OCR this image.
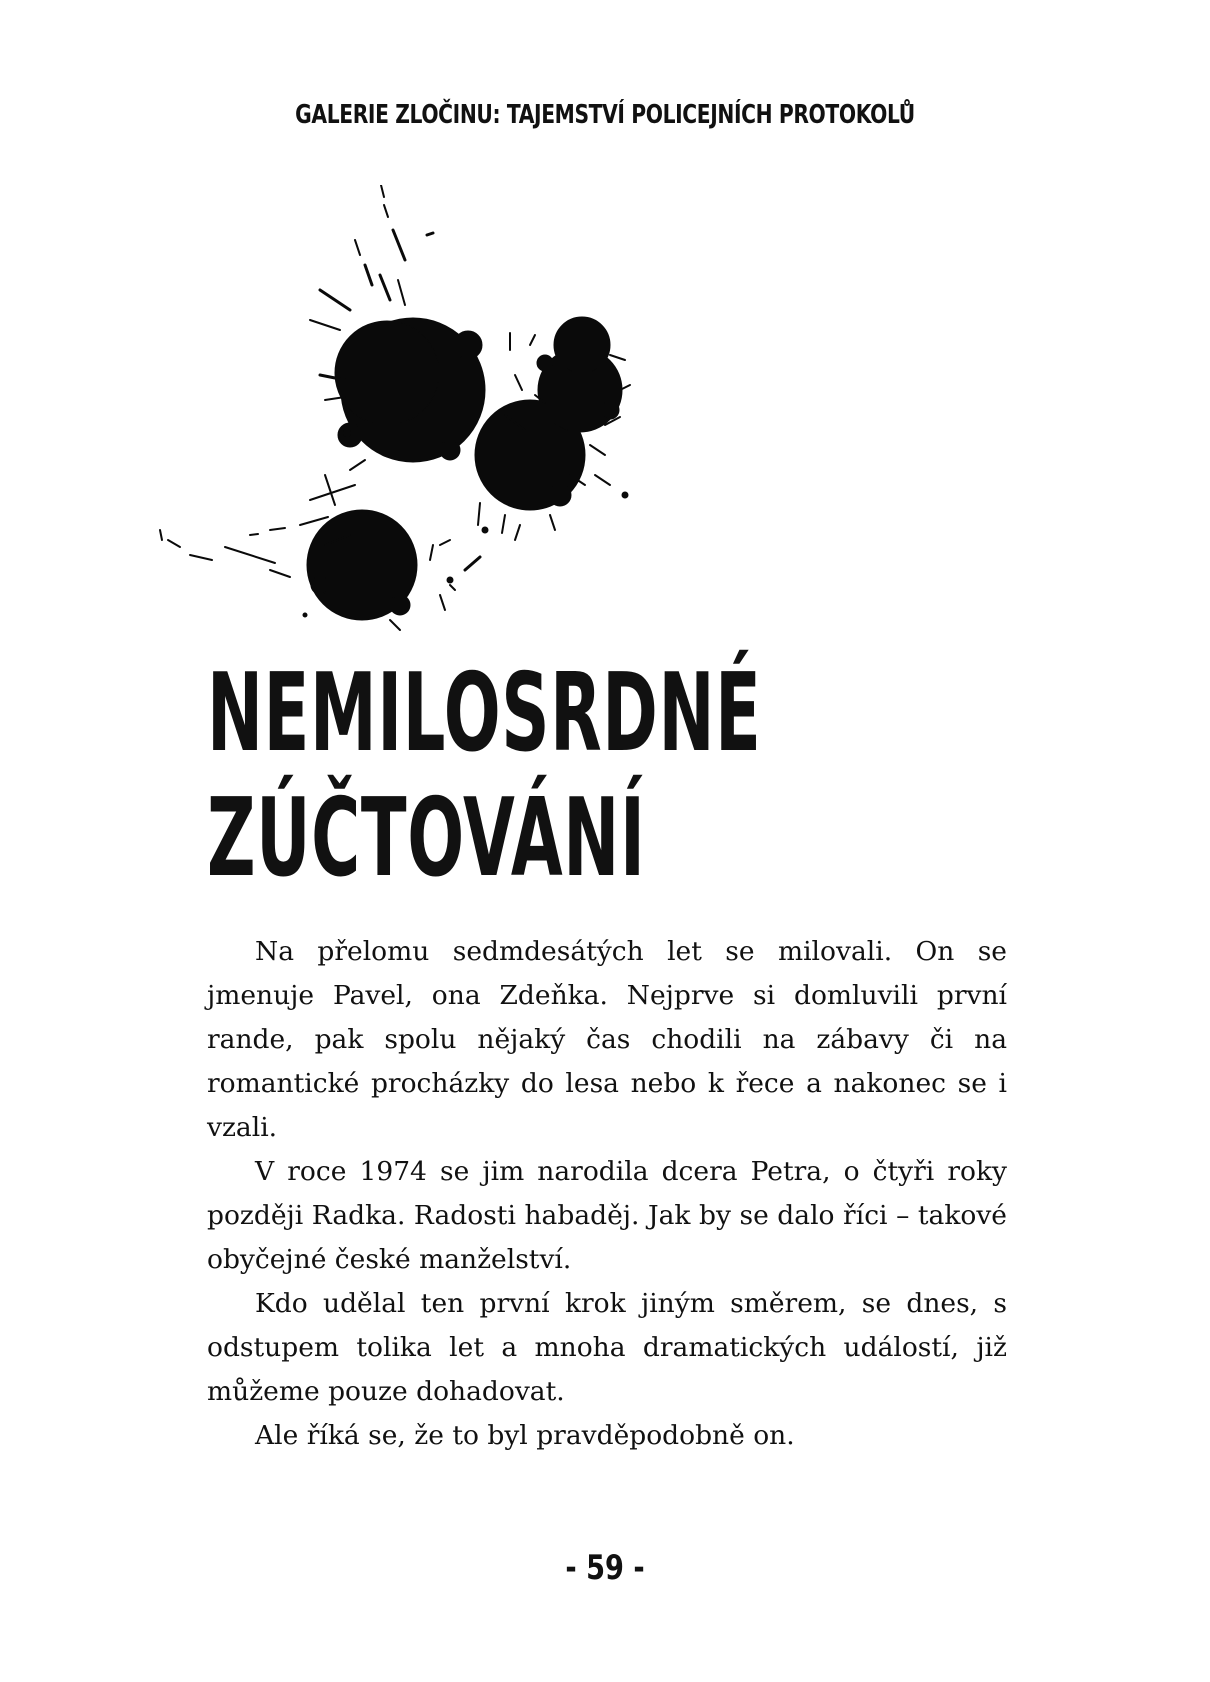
GALERIE ZLOČINU: TAJEMSTVÍ POLICEJNÍCH PROTOKOLŮ
NEMILOSRDNÉ
ZÚČTOVÁNÍ

Na přelomu sedmdesátých let se milovali. On se jmenuje Pavel, ona Zdeňka. Nejprve si domluvili první rande, pak spolu nějaký čas chodili na zábavy či na romantické procházky do lesa nebo k řece a nakonec se i vzali.

V roce 1974 se jim narodila dcera Petra, o čtyři roky později Radka. Radosti habaděj. Jak by se dalo říci – takové obyčejné české manželství.

Kdo udělal ten první krok jiným směrem, se dnes, s odstupem tolika let a mnoha dramatických událostí, již můžeme pouze dohadovat.

Ale říká se, že to byl pravděpodobně on.

- 59 -
